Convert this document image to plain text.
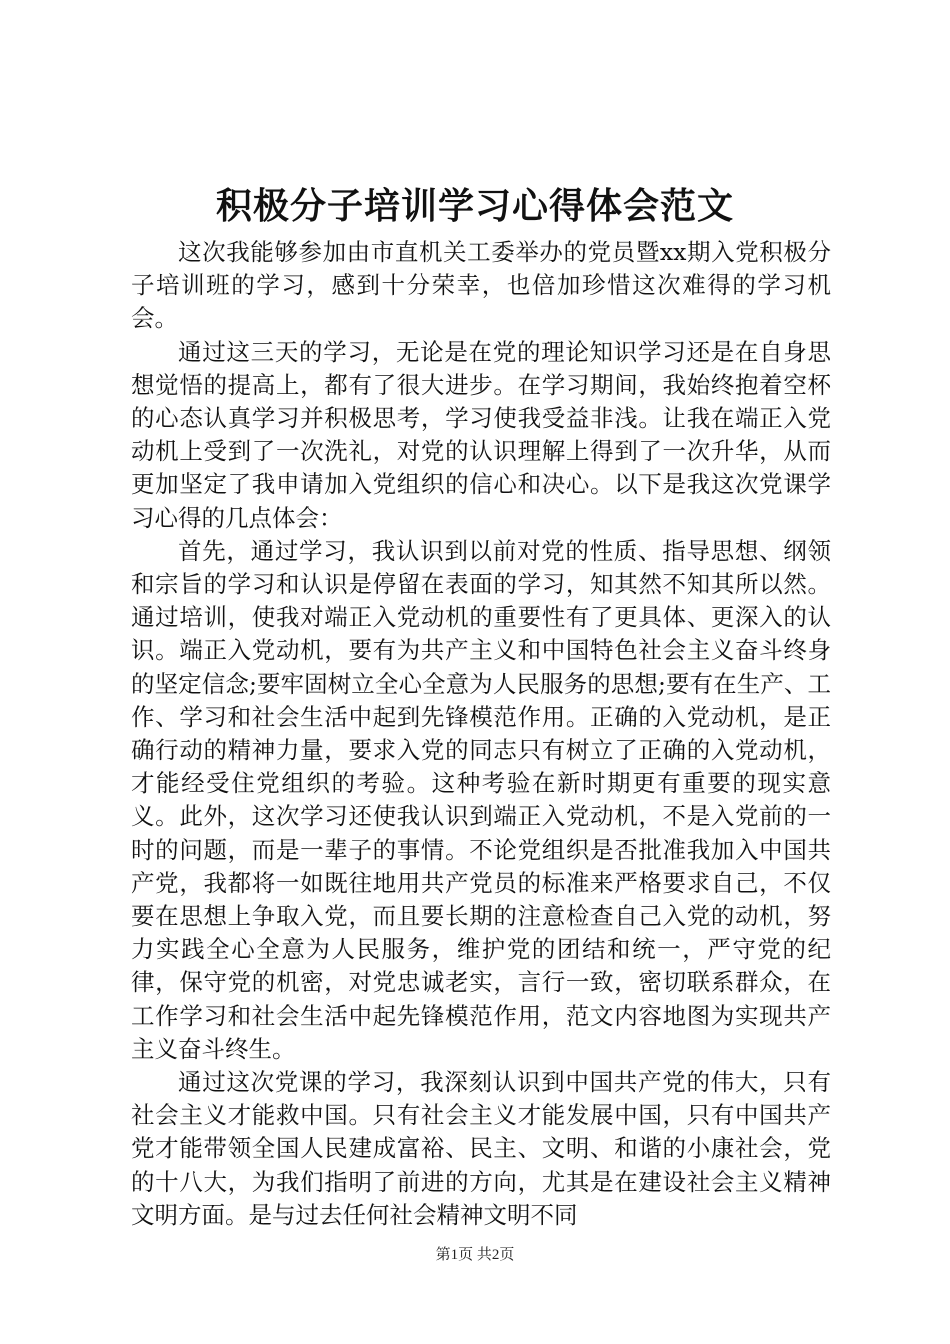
积极分子培训学习心得体会范文

这次我能够参加由市直机关工委举办的党员暨xx期入党积极分子培训班的学习，感到十分荣幸，也倍加珍惜这次难得的学习机会。

通过这三天的学习，无论是在党的理论知识学习还是在自身思想觉悟的提高上，都有了很大进步。在学习期间，我始终抱着空杯的心态认真学习并积极思考，学习使我受益非浅。让我在端正入党动机上受到了一次洗礼，对党的认识理解上得到了一次升华，从而更加坚定了我申请加入党组织的信心和决心。以下是我这次党课学习心得的几点体会：

首先，通过学习，我认识到以前对党的性质、指导思想、纲领和宗旨的学习和认识是停留在表面的学习，知其然不知其所以然。通过培训，使我对端正入党动机的重要性有了更具体、更深入的认识。端正入党动机，要有为共产主义和中国特色社会主义奋斗终身的坚定信念;要牢固树立全心全意为人民服务的思想;要有在生产、工作、学习和社会生活中起到先锋模范作用。正确的入党动机，是正确行动的精神力量，要求入党的同志只有树立了正确的入党动机，才能经受住党组织的考验。这种考验在新时期更有重要的现实意义。此外，这次学习还使我认识到端正入党动机，不是入党前的一时的问题，而是一辈子的事情。不论党组织是否批准我加入中国共产党，我都将一如既往地用共产党员的标准来严格要求自己，不仅要在思想上争取入党，而且要长期的注意检查自己入党的动机，努力实践全心全意为人民服务，维护党的团结和统一，严守党的纪律，保守党的机密，对党忠诚老实，言行一致，密切联系群众，在工作学习和社会生活中起先锋模范作用，范文内容地图为实现共产主义奋斗终生。

通过这次党课的学习，我深刻认识到中国共产党的伟大，只有社会主义才能救中国。只有社会主义才能发展中国，只有中国共产党才能带领全国人民建成富裕、民主、文明、和谐的小康社会，党的十八大，为我们指明了前进的方向，尤其是在建设社会主义精神文明方面。是与过去任何社会精神文明不同

第1页 共2页
